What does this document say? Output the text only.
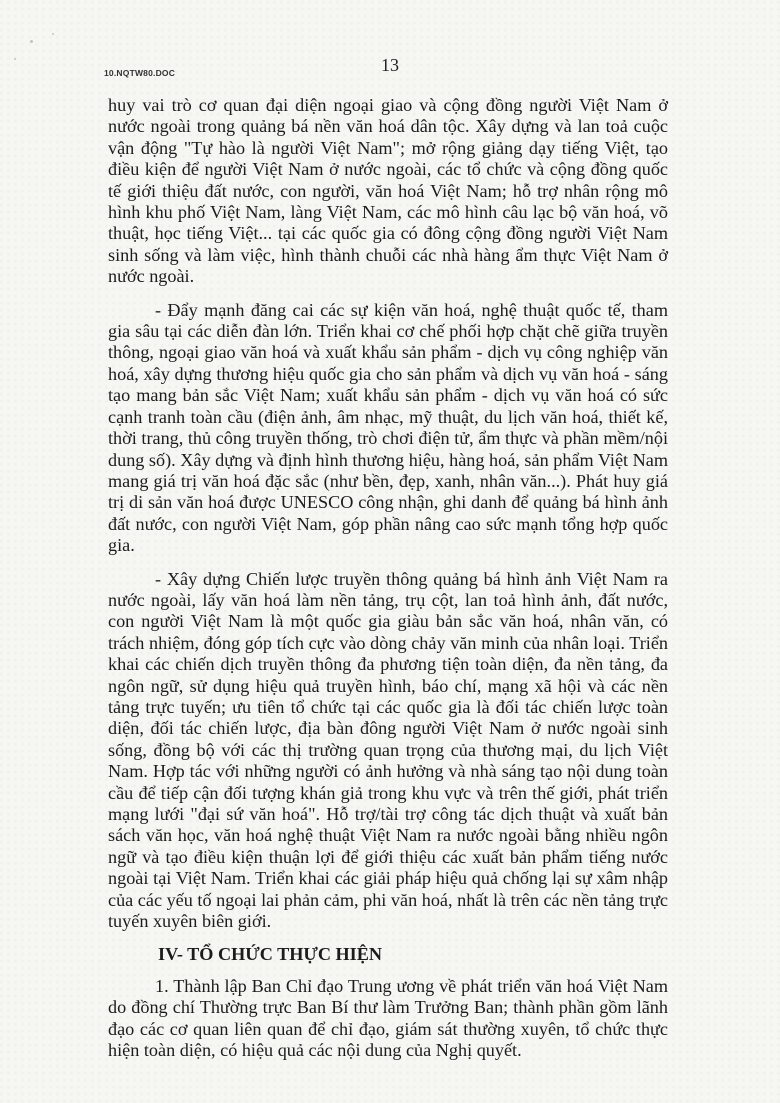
10.NQTW80.DOC	13

huy vai trò cơ quan đại diện ngoại giao và cộng đồng người Việt Nam ở nước ngoài trong quảng bá nền văn hoá dân tộc. Xây dựng và lan toả cuộc vận động "Tự hào là người Việt Nam"; mở rộng giảng dạy tiếng Việt, tạo điều kiện để người Việt Nam ở nước ngoài, các tổ chức và cộng đồng quốc tế giới thiệu đất nước, con người, văn hoá Việt Nam; hỗ trợ nhân rộng mô hình khu phố Việt Nam, làng Việt Nam, các mô hình câu lạc bộ văn hoá, võ thuật, học tiếng Việt... tại các quốc gia có đông cộng đồng người Việt Nam sinh sống và làm việc, hình thành chuỗi các nhà hàng ẩm thực Việt Nam ở nước ngoài.

- Đẩy mạnh đăng cai các sự kiện văn hoá, nghệ thuật quốc tế, tham gia sâu tại các diễn đàn lớn. Triển khai cơ chế phối hợp chặt chẽ giữa truyền thông, ngoại giao văn hoá và xuất khẩu sản phẩm - dịch vụ công nghiệp văn hoá, xây dựng thương hiệu quốc gia cho sản phẩm và dịch vụ văn hoá - sáng tạo mang bản sắc Việt Nam; xuất khẩu sản phẩm - dịch vụ văn hoá có sức cạnh tranh toàn cầu (điện ảnh, âm nhạc, mỹ thuật, du lịch văn hoá, thiết kế, thời trang, thủ công truyền thống, trò chơi điện tử, ẩm thực và phần mềm/nội dung số). Xây dựng và định hình thương hiệu, hàng hoá, sản phẩm Việt Nam mang giá trị văn hoá đặc sắc (như bền, đẹp, xanh, nhân văn...). Phát huy giá trị di sản văn hoá được UNESCO công nhận, ghi danh để quảng bá hình ảnh đất nước, con người Việt Nam, góp phần nâng cao sức mạnh tổng hợp quốc gia.

- Xây dựng Chiến lược truyền thông quảng bá hình ảnh Việt Nam ra nước ngoài, lấy văn hoá làm nền tảng, trụ cột, lan toả hình ảnh, đất nước, con người Việt Nam là một quốc gia giàu bản sắc văn hoá, nhân văn, có trách nhiệm, đóng góp tích cực vào dòng chảy văn minh của nhân loại. Triển khai các chiến dịch truyền thông đa phương tiện toàn diện, đa nền tảng, đa ngôn ngữ, sử dụng hiệu quả truyền hình, báo chí, mạng xã hội và các nền tảng trực tuyến; ưu tiên tổ chức tại các quốc gia là đối tác chiến lược toàn diện, đối tác chiến lược, địa bàn đông người Việt Nam ở nước ngoài sinh sống, đồng bộ với các thị trường quan trọng của thương mại, du lịch Việt Nam. Hợp tác với những người có ảnh hưởng và nhà sáng tạo nội dung toàn cầu để tiếp cận đối tượng khán giả trong khu vực và trên thế giới, phát triển mạng lưới "đại sứ văn hoá". Hỗ trợ/tài trợ công tác dịch thuật và xuất bản sách văn học, văn hoá nghệ thuật Việt Nam ra nước ngoài bằng nhiều ngôn ngữ và tạo điều kiện thuận lợi để giới thiệu các xuất bản phẩm tiếng nước ngoài tại Việt Nam. Triển khai các giải pháp hiệu quả chống lại sự xâm nhập của các yếu tố ngoại lai phản cảm, phi văn hoá, nhất là trên các nền tảng trực tuyến xuyên biên giới.

IV- TỔ CHỨC THỰC HIỆN

1. Thành lập Ban Chỉ đạo Trung ương về phát triển văn hoá Việt Nam do đồng chí Thường trực Ban Bí thư làm Trưởng Ban; thành phần gồm lãnh đạo các cơ quan liên quan để chỉ đạo, giám sát thường xuyên, tổ chức thực hiện toàn diện, có hiệu quả các nội dung của Nghị quyết.
